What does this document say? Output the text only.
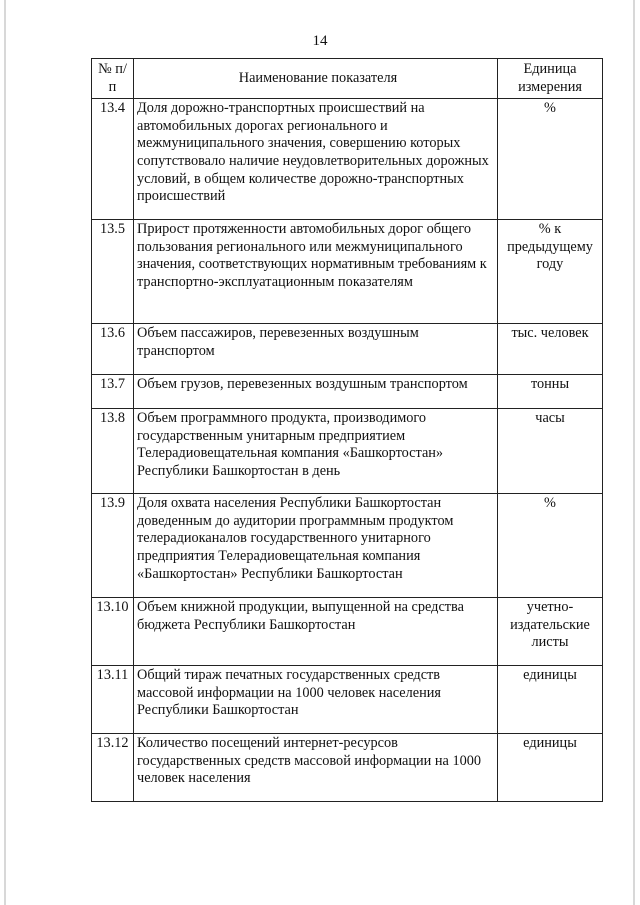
14
№ п/п	Наименование показателя	Единица измерения
13.4	Доля дорожно-транспортных происшествий на автомобильных дорогах регионального и межмуниципального значения, совершению которых сопутствовало наличие неудовлетворительных дорожных условий, в общем количестве дорожно-транспортных происшествий	%
13.5	Прирост протяженности автомобильных дорог общего пользования регионального или межмуниципального значения, соответствующих нормативным требованиям к транспортно-эксплуатационным показателям	% к предыдущему году
13.6	Объем пассажиров, перевезенных воздушным транспортом	тыс. человек
13.7	Объем грузов, перевезенных воздушным транспортом	тонны
13.8	Объем программного продукта, производимого государственным унитарным предприятием Телерадиовещательная компания «Башкортостан» Республики Башкортостан в день	часы
13.9	Доля охвата населения Республики Башкортостан доведенным до аудитории программным продуктом телерадиоканалов государственного унитарного предприятия Телерадиовещательная компания «Башкортостан» Республики Башкортостан	%
13.10	Объем книжной продукции, выпущенной на средства бюджета Республики Башкортостан	учетно-издательские листы
13.11	Общий тираж печатных государственных средств массовой информации на 1000 человек населения Республики Башкортостан	единицы
13.12	Количество посещений интернет-ресурсов государственных средств массовой информации на 1000 человек населения	единицы
